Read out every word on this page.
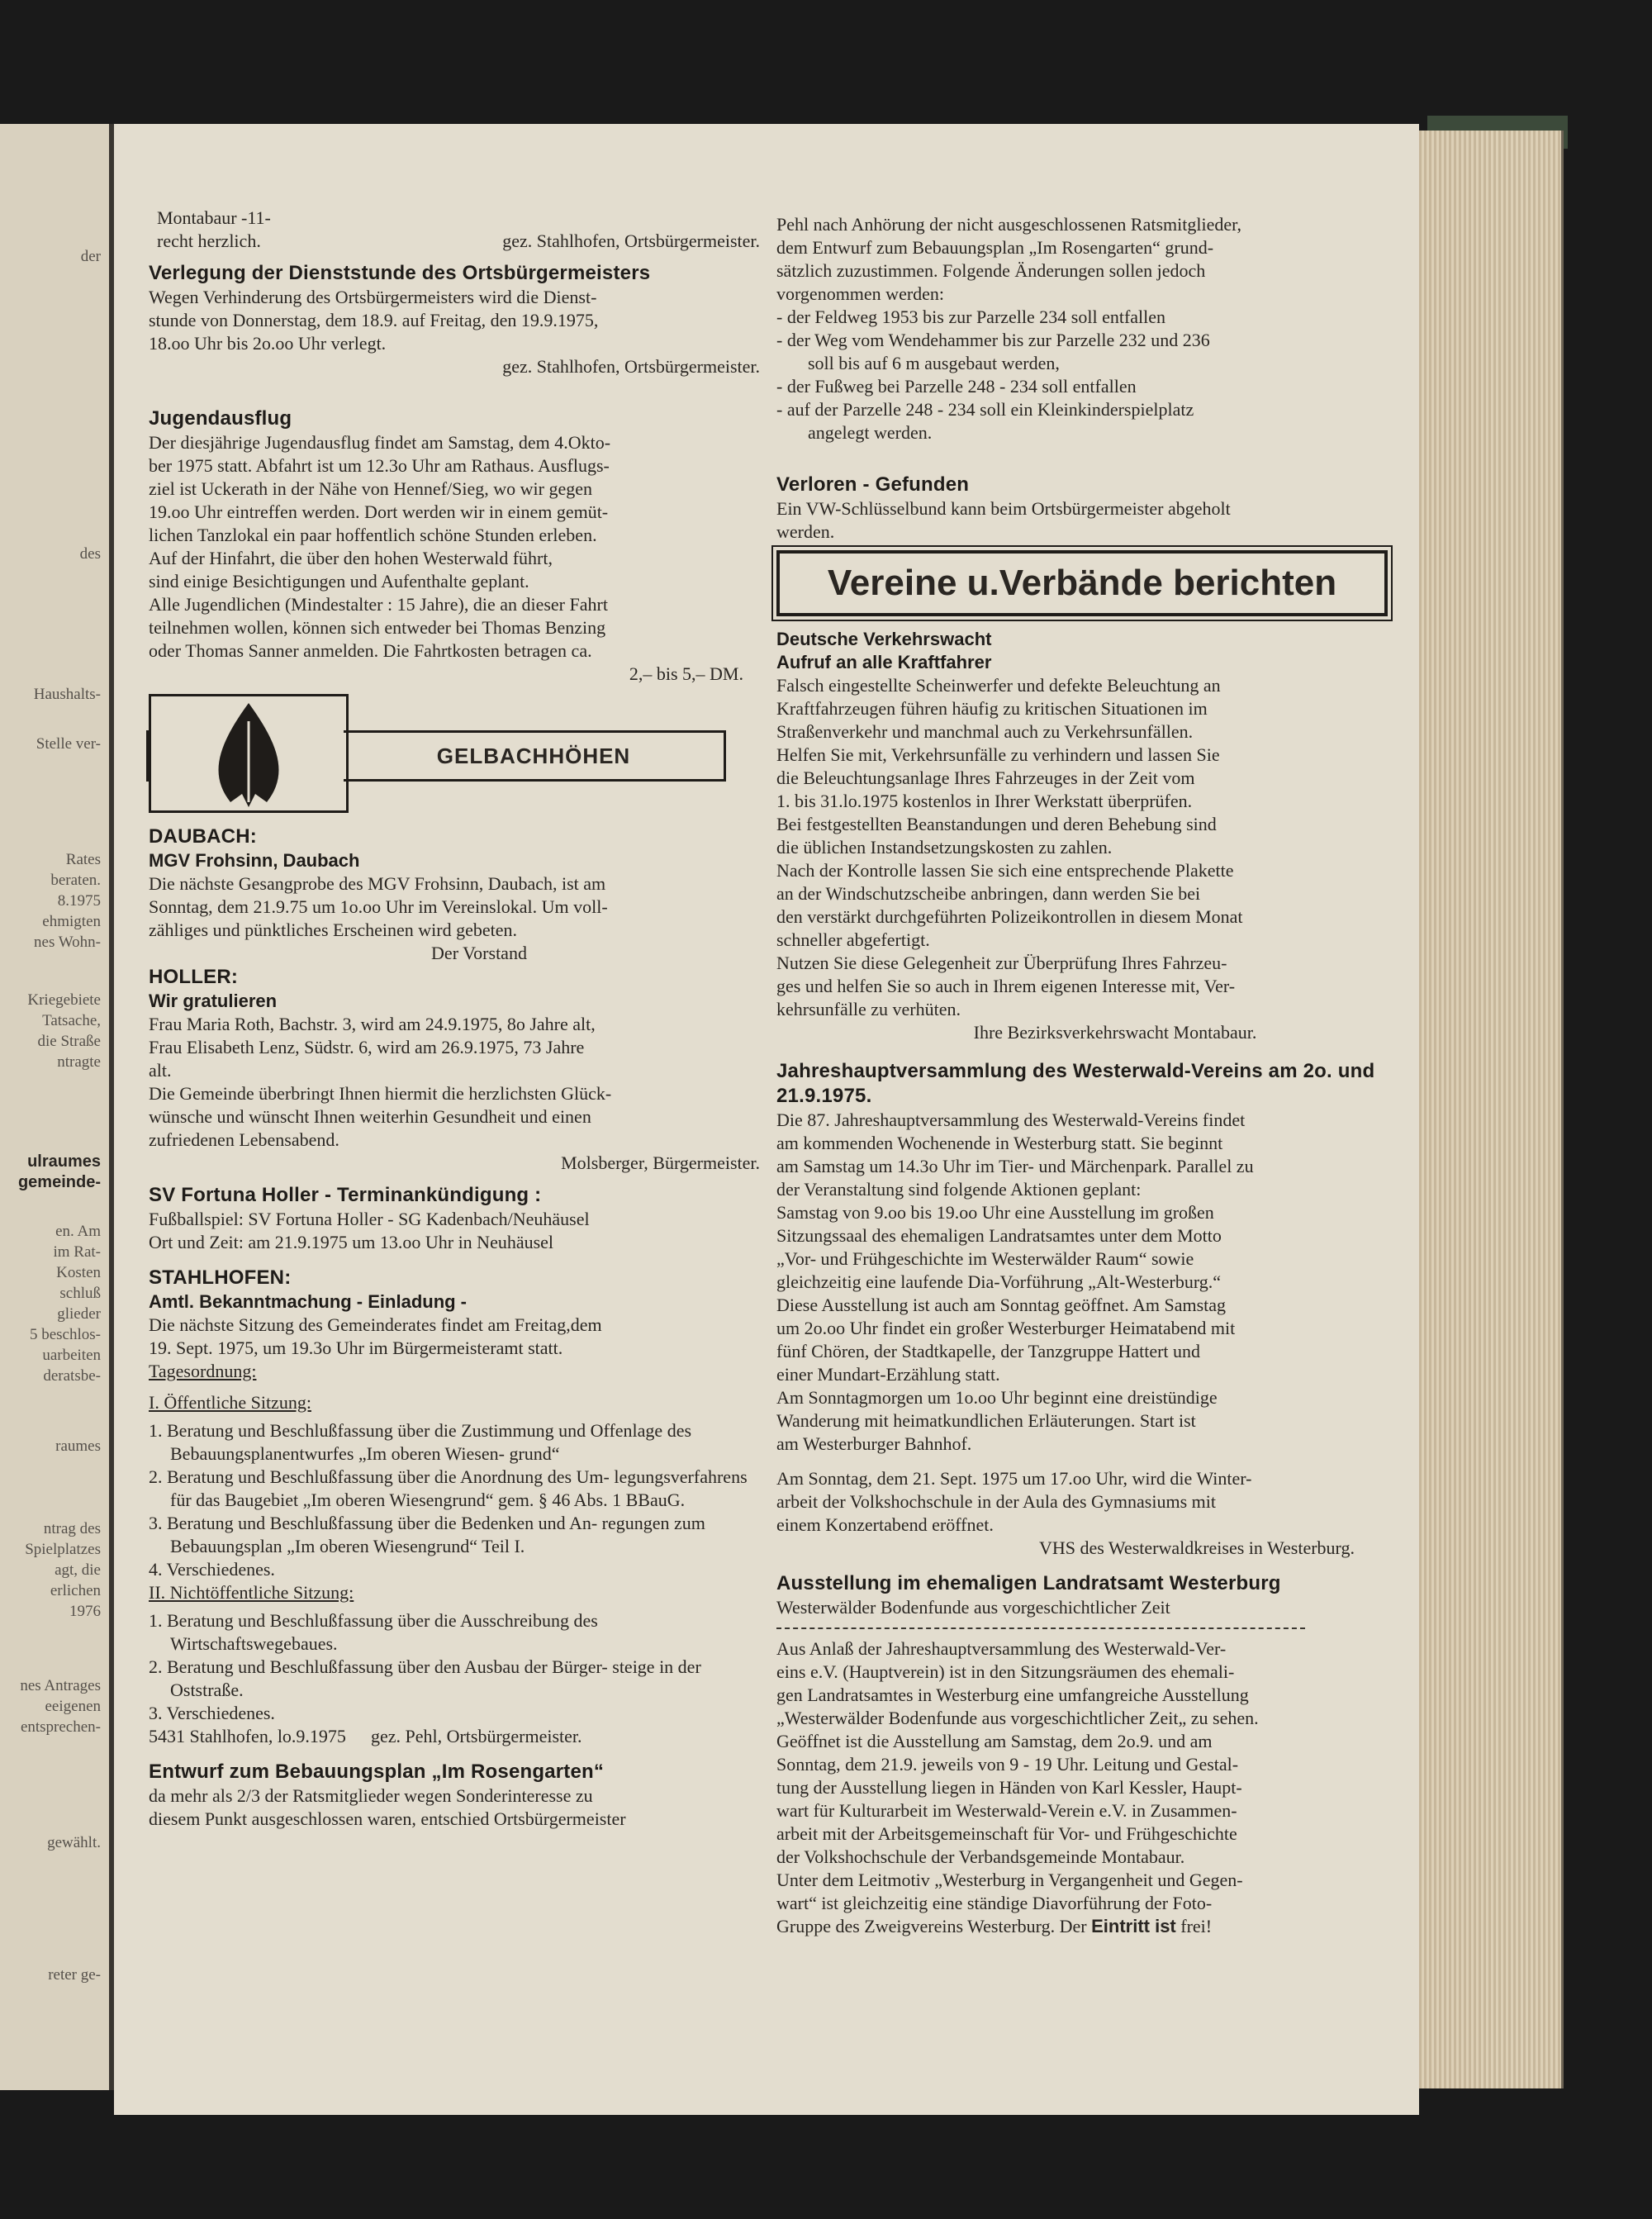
der
des
Haushalts-
Stelle ver-
Rates
beraten.
8.1975
ehmigten
nes Wohn-
Kriegebiete
Tatsache,
die Straße
ntragte
ulraumes
gemeinde-
en. Am
im Rat-
Kosten
schluß
glieder
5 beschlos-
uarbeiten
deratsbe-
raumes
ntrag des
Spielplatzes
agt, die
erlichen
1976
nes Antrages
eeigenen
entsprechen-
gewählt.
reter ge-

Montabaur -11-

recht herzlich.	gez. Stahlhofen, Ortsbürgermeister.

Verlegung der Dienststunde des Ortsbürgermeisters

Wegen Verhinderung des Ortsbürgermeisters wird die Dienst-

stunde von Donnerstag, dem 18.9. auf Freitag, den 19.9.1975,

18.oo Uhr bis 2o.oo Uhr verlegt.

gez. Stahlhofen, Ortsbürgermeister.

Jugendausflug

Der diesjährige Jugendausflug findet am Samstag, dem 4.Okto-

ber 1975 statt. Abfahrt ist um 12.3o Uhr am Rathaus. Ausflugs-

ziel ist Uckerath in der Nähe von Hennef/Sieg, wo wir gegen

19.oo Uhr eintreffen werden. Dort werden wir in einem gemüt-

lichen Tanzlokal ein paar hoffentlich schöne Stunden erleben.

Auf der Hinfahrt, die über den hohen Westerwald führt,

sind einige Besichtigungen und Aufenthalte geplant.

Alle Jugendlichen (Mindestalter : 15 Jahre), die an dieser Fahrt

teilnehmen wollen, können sich entweder bei Thomas Benzing

oder Thomas Sanner anmelden. Die Fahrtkosten betragen ca.

2,– bis 5,– DM.

GELBACHHÖHEN
DAUBACH:
MGV Frohsinn, Daubach

Die nächste Gesangprobe des MGV Frohsinn, Daubach, ist am

Sonntag, dem 21.9.75 um 1o.oo Uhr im Vereinslokal. Um voll-

zähliges und pünktliches Erscheinen wird gebeten.

Der Vorstand

HOLLER:
Wir gratulieren

Frau Maria Roth, Bachstr. 3, wird am 24.9.1975, 8o Jahre alt,

Frau Elisabeth Lenz, Südstr. 6, wird am 26.9.1975, 73 Jahre

alt.

Die Gemeinde überbringt Ihnen hiermit die herzlichsten Glück-

wünsche und wünscht Ihnen weiterhin Gesundheit und einen

zufriedenen Lebensabend.

Molsberger, Bürgermeister.

SV Fortuna Holler - Terminankündigung :

Fußballspiel: SV Fortuna Holler - SG Kadenbach/Neuhäusel

Ort und Zeit: am 21.9.1975 um 13.oo Uhr in Neuhäusel

STAHLHOFEN:
Amtl. Bekanntmachung - Einladung -

Die nächste Sitzung des Gemeinderates findet am Freitag,dem

19. Sept. 1975, um 19.3o Uhr im Bürgermeisteramt statt.

Tagesordnung:

I. Öffentliche Sitzung:

1. Beratung und Beschlußfassung über die Zustimmung und Offenlage des Bebauungsplanentwurfes „Im oberen Wiesen- grund“

2. Beratung und Beschlußfassung über die Anordnung des Um- legungsverfahrens für das Baugebiet „Im oberen Wiesengrund“ gem. § 46 Abs. 1 BBauG.

3. Beratung und Beschlußfassung über die Bedenken und An- regungen zum Bebauungsplan „Im oberen Wiesengrund“ Teil I.

4. Verschiedenes.

II. Nichtöffentliche Sitzung:

1. Beratung und Beschlußfassung über die Ausschreibung des Wirtschaftswegebaues.

2. Beratung und Beschlußfassung über den Ausbau der Bürger- steige in der Oststraße.

3. Verschiedenes.

5431 Stahlhofen, lo.9.1975 gez. Pehl, Ortsbürgermeister.

Entwurf zum Bebauungsplan „Im Rosengarten“

da mehr als 2/3 der Ratsmitglieder wegen Sonderinteresse zu

diesem Punkt ausgeschlossen waren, entschied Ortsbürgermeister

Pehl nach Anhörung der nicht ausgeschlossenen Ratsmitglieder,

dem Entwurf zum Bebauungsplan „Im Rosengarten“ grund-

sätzlich zuzustimmen. Folgende Änderungen sollen jedoch

vorgenommen werden:

- der Feldweg 1953 bis zur Parzelle 234 soll entfallen

- der Weg vom Wendehammer bis zur Parzelle 232 und 236

soll bis auf 6 m ausgebaut werden,

- der Fußweg bei Parzelle 248 - 234 soll entfallen

- auf der Parzelle 248 - 234 soll ein Kleinkinderspielplatz

angelegt werden.

Verloren - Gefunden

Ein VW-Schlüsselbund kann beim Ortsbürgermeister abgeholt

werden.

Vereine u.Verbände berichten
Deutsche Verkehrswacht
Aufruf an alle Kraftfahrer

Falsch eingestellte Scheinwerfer und defekte Beleuchtung an

Kraftfahrzeugen führen häufig zu kritischen Situationen im

Straßenverkehr und manchmal auch zu Verkehrsunfällen.

Helfen Sie mit, Verkehrsunfälle zu verhindern und lassen Sie

die Beleuchtungsanlage Ihres Fahrzeuges in der Zeit vom

1. bis 31.lo.1975 kostenlos in Ihrer Werkstatt überprüfen.

Bei festgestellten Beanstandungen und deren Behebung sind

die üblichen Instandsetzungskosten zu zahlen.

Nach der Kontrolle lassen Sie sich eine entsprechende Plakette

an der Windschutzscheibe anbringen, dann werden Sie bei

den verstärkt durchgeführten Polizeikontrollen in diesem Monat

schneller abgefertigt.

Nutzen Sie diese Gelegenheit zur Überprüfung Ihres Fahrzeu-

ges und helfen Sie so auch in Ihrem eigenen Interesse mit, Ver-

kehrsunfälle zu verhüten.

Ihre Bezirksverkehrswacht Montabaur.

Jahreshauptversammlung des Westerwald-Vereins am 2o. und 21.9.1975.

Die 87. Jahreshauptversammlung des Westerwald-Vereins findet

am kommenden Wochenende in Westerburg statt. Sie beginnt

am Samstag um 14.3o Uhr im Tier- und Märchenpark. Parallel zu

der Veranstaltung sind folgende Aktionen geplant:

Samstag von 9.oo bis 19.oo Uhr eine Ausstellung im großen

Sitzungssaal des ehemaligen Landratsamtes unter dem Motto

„Vor- und Frühgeschichte im Westerwälder Raum“ sowie

gleichzeitig eine laufende Dia-Vorführung „Alt-Westerburg.“

Diese Ausstellung ist auch am Sonntag geöffnet. Am Samstag

um 2o.oo Uhr findet ein großer Westerburger Heimatabend mit

fünf Chören, der Stadtkapelle, der Tanzgruppe Hattert und

einer Mundart-Erzählung statt.

Am Sonntagmorgen um 1o.oo Uhr beginnt eine dreistündige

Wanderung mit heimatkundlichen Erläuterungen. Start ist

am Westerburger Bahnhof.

Am Sonntag, dem 21. Sept. 1975 um 17.oo Uhr, wird die Winter-

arbeit der Volkshochschule in der Aula des Gymnasiums mit

einem Konzertabend eröffnet.

VHS des Westerwaldkreises in Westerburg.

Ausstellung im ehemaligen Landratsamt Westerburg

Westerwälder Bodenfunde aus vorgeschichtlicher Zeit

Aus Anlaß der Jahreshauptversammlung des Westerwald-Ver-

eins e.V. (Hauptverein) ist in den Sitzungsräumen des ehemali-

gen Landratsamtes in Westerburg eine umfangreiche Ausstellung

„Westerwälder Bodenfunde aus vorgeschichtlicher Zeit„ zu sehen.

Geöffnet ist die Ausstellung am Samstag, dem 2o.9. und am

Sonntag, dem 21.9. jeweils von 9 - 19 Uhr. Leitung und Gestal-

tung der Ausstellung liegen in Händen von Karl Kessler, Haupt-

wart für Kulturarbeit im Westerwald-Verein e.V. in Zusammen-

arbeit mit der Arbeitsgemeinschaft für Vor- und Frühgeschichte

der Volkshochschule der Verbandsgemeinde Montabaur.

Unter dem Leitmotiv „Westerburg in Vergangenheit und Gegen-

wart“ ist gleichzeitig eine ständige Diavorführung der Foto-

Gruppe des Zweigvereins Westerburg. Der Eintritt ist frei!
